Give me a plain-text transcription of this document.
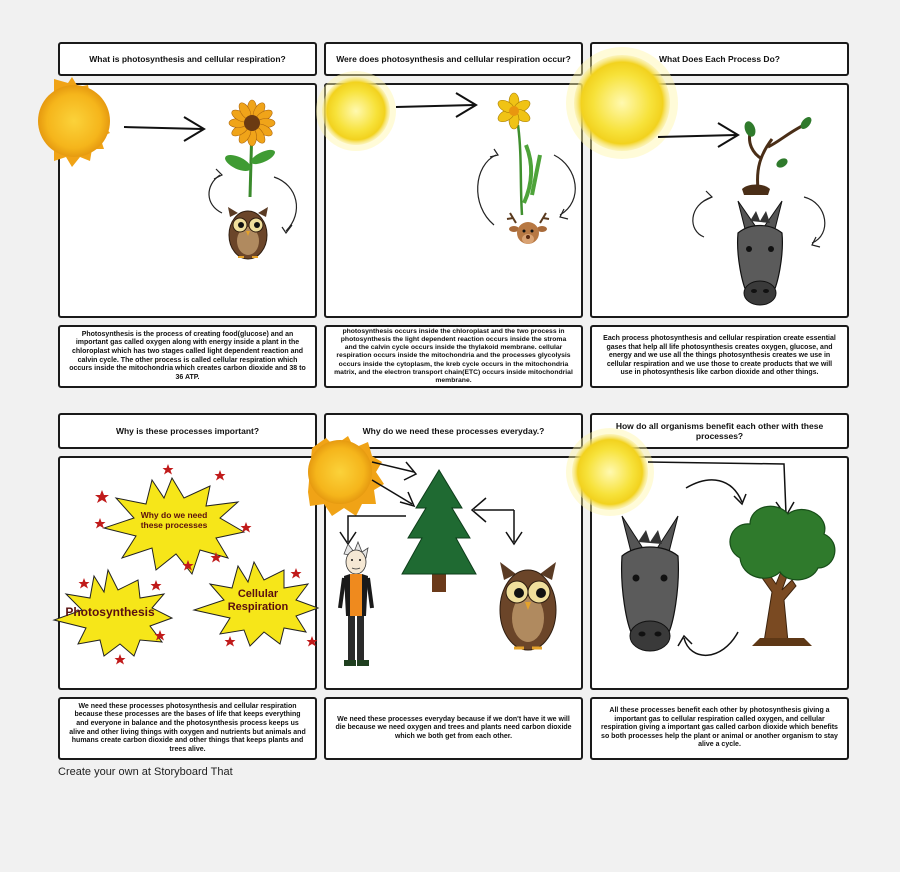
What is photosynthesis and cellular respiration?
Photosynthesis is the process of creating food(glucose) and an important gas called oxygen along with energy inside a plant in the chloroplast which has two stages called light dependent reaction and calvin cycle. The other process is called cellular respiration which occurs inside the mitochondria which creates carbon dioxide and 38 to 36 ATP.
Were does photosynthesis and cellular respiration occur?
photosynthesis occurs inside the chloroplast and the two process in photosynthesis the light dependent reaction occurs inside the stroma and the calvin cycle occurs inside the thylakoid membrane. cellular respiration occurs inside the mitochondria and the processes glycolysis occurs inside the cytoplasm, the kreb cycle occurs in the mitochondria matrix, and the electron transport chain(ETC) occurs inside mitochondrial membrane.
What Does Each Process Do?
Each process photosynthesis and cellular respiration create essential gases that help all life photosynthesis creates oxygen, glucose, and energy and we use all the things photosynthesis creates we use in cellular respiration and we use those to create products that we will use in photosynthesis like carbon dioxide and other things.
Why is these processes important?
Why do we need
these processes
Photosynthesis
Cellular
Respiration
We need these processes photosynthesis and cellular respiration because these processes are the bases of life that keeps everything and everyone in balance and the photosynthesis process keeps us alive and other living things with oxygen and nutrients but animals and humans create carbon dioxide and other things that keeps plants and trees alive.
Why do we need these processes everyday.?
We need these processes everyday because if we don't have it we will die because we need oxygen and trees and plants need carbon dioxide which we both get from each other.
How do all organisms benefit each other with these processes?
All these processes benefit each other by photosynthesis giving a important gas to cellular respiration called oxygen, and cellular respiration giving a important gas called carbon dioxide which benefits so both processes help the plant or animal or another organism to stay alive a cycle.
Create your own at Storyboard That
